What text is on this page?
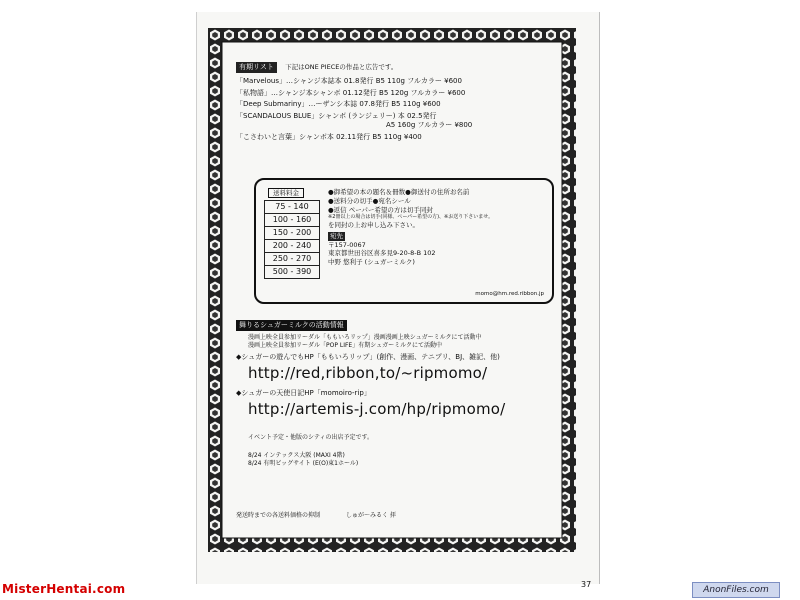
有期リスト 下記はONE PIECEの作品と広告です。
「Marvelous」…シャンジ本誌本 01.8発行 B5 110g フルカラー ¥600
「私物語」…シャンジ本シャンボ 01.12発行 B5 120g フルカラー ¥600
「Deep Submariny」…ーザンシ本誌 07.8発行 B5 110g ¥600
「SCANDALOUS BLUE」シャンボ (ランジェリー) 本 02.5発行
A5 160g フルカラー ¥800
「こさわいと言葉」シャンボ本 02.11発行 B5 110g ¥400
送料料金
75 - 140
100 - 160
150 - 200
200 - 240
250 - 270
500 - 390
●御希望の本の題名＆冊数●御送付の住所お名前
●送料分の切手●宛名シール
●返信 ペーパー希望の方は切手同封
※2冊以上の場合は切手(同様、ペーパー希望の方)、※お送り下さいませ。
を同封の上お申し込み下さい。
宛先
〒157-0067
東京都世田谷区喜多見9-20-8-B 102
中野 悠利子 (シュガーミルク)
momo@hm.red.ribbon.jp
舞りるシュガーミルクの活動情報
漫画上映全員参加リーダル「ももいろリップ」漫画漫画上映シュガーミルクにて活動中
漫画上映全員参加リーダル「POP LIFE」有期シュガーミルクにて活動中
◆シュガーの遊んでもHP「ももいろリップ」(創作、漫画、テニプリ、BJ、雑記、他)
http://red,ribbon,to/~ripmomo/
◆シュガーの天使日記HP「momoiro-rip」
http://artemis-j.com/hp/ripmomo/
イベント予定・他版のシティの出店予定です。
8/24 インテックス大阪 (MAXI 4階)
8/24 有明ビッグサイト (E(O)東1ホール)
発送時までの各送料価格の抑制	しゅが〜みるく 拝
37
MisterHentai.com	AnonFiles.com
